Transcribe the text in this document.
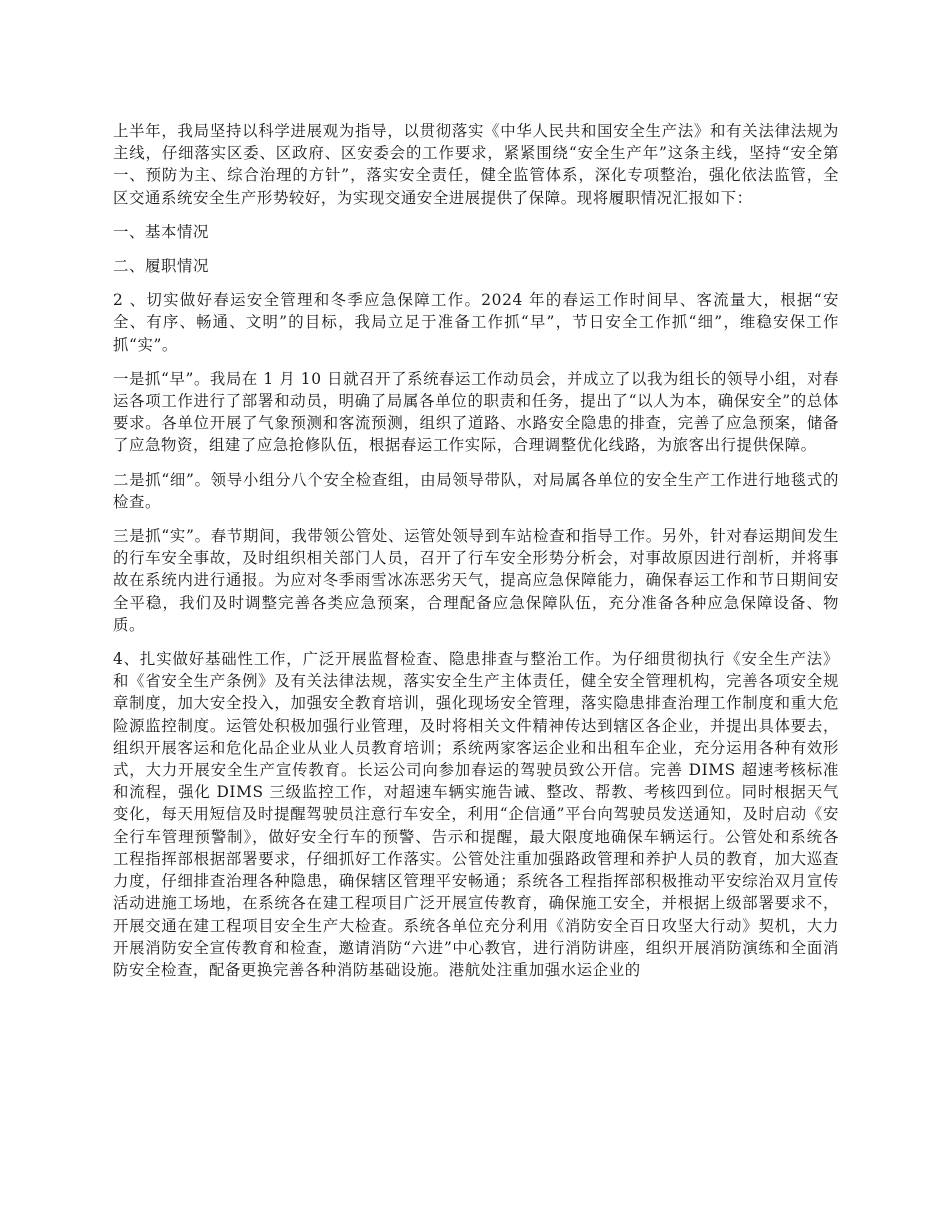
上半年，我局坚持以科学进展观为指导，以贯彻落实《中华人民共和国安全生产法》和有关法律法规为主线，仔细落实区委、区政府、区安委会的工作要求，紧紧围绕“安全生产年”这条主线，坚持“安全第一、预防为主、综合治理的方针”，落实安全责任，健全监管体系，深化专项整治，强化依法监管，全区交通系统安全生产形势较好，为实现交通安全进展提供了保障。现将履职情况汇报如下：

一、基本情况

二、履职情况

2 、切实做好春运安全管理和冬季应急保障工作。2024 年的春运工作时间早、客流量大，根据“安全、有序、畅通、文明”的目标，我局立足于准备工作抓“早”，节日安全工作抓“细”，维稳安保工作抓“实”。

一是抓“早”。我局在 1 月 10 日就召开了系统春运工作动员会，并成立了以我为组长的领导小组，对春运各项工作进行了部署和动员，明确了局属各单位的职责和任务，提出了“以人为本，确保安全”的总体要求。各单位开展了气象预测和客流预测，组织了道路、水路安全隐患的排查，完善了应急预案，储备了应急物资，组建了应急抢修队伍，根据春运工作实际，合理调整优化线路，为旅客出行提供保障。

二是抓“细”。领导小组分八个安全检查组，由局领导带队，对局属各单位的安全生产工作进行地毯式的检查。

三是抓“实”。春节期间，我带领公管处、运管处领导到车站检查和指导工作。另外，针对春运期间发生的行车安全事故，及时组织相关部门人员，召开了行车安全形势分析会，对事故原因进行剖析，并将事故在系统内进行通报。为应对冬季雨雪冰冻恶劣天气，提高应急保障能力，确保春运工作和节日期间安全平稳，我们及时调整完善各类应急预案，合理配备应急保障队伍，充分准备各种应急保障设备、物质。

4、扎实做好基础性工作，广泛开展监督检查、隐患排查与整治工作。为仔细贯彻执行《安全生产法》和《省安全生产条例》及有关法律法规，落实安全生产主体责任，健全安全管理机构，完善各项安全规章制度，加大安全投入，加强安全教育培训，强化现场安全管理，落实隐患排查治理工作制度和重大危险源监控制度。运管处积极加强行业管理，及时将相关文件精神传达到辖区各企业，并提出具体要去，组织开展客运和危化品企业从业人员教育培训；系统两家客运企业和出租车企业，充分运用各种有效形式，大力开展安全生产宣传教育。长运公司向参加春运的驾驶员致公开信。完善 DIMS 超速考核标准和流程，强化 DIMS 三级监控工作，对超速车辆实施告诫、整改、帮教、考核四到位。同时根据天气变化，每天用短信及时提醒驾驶员注意行车安全，利用“企信通”平台向驾驶员发送通知，及时启动《安全行车管理预警制》，做好安全行车的预警、告示和提醒，最大限度地确保车辆运行。公管处和系统各工程指挥部根据部署要求，仔细抓好工作落实。公管处注重加强路政管理和养护人员的教育，加大巡查力度，仔细排查治理各种隐患，确保辖区管理平安畅通；系统各工程指挥部积极推动平安综治双月宣传活动进施工场地，在系统各在建工程项目广泛开展宣传教育，确保施工安全，并根据上级部署要求不，开展交通在建工程项目安全生产大检查。系统各单位充分利用《消防安全百日攻坚大行动》契机，大力开展消防安全宣传教育和检查，邀请消防“六进”中心教官，进行消防讲座，组织开展消防演练和全面消防安全检查，配备更换完善各种消防基础设施。港航处注重加强水运企业的
